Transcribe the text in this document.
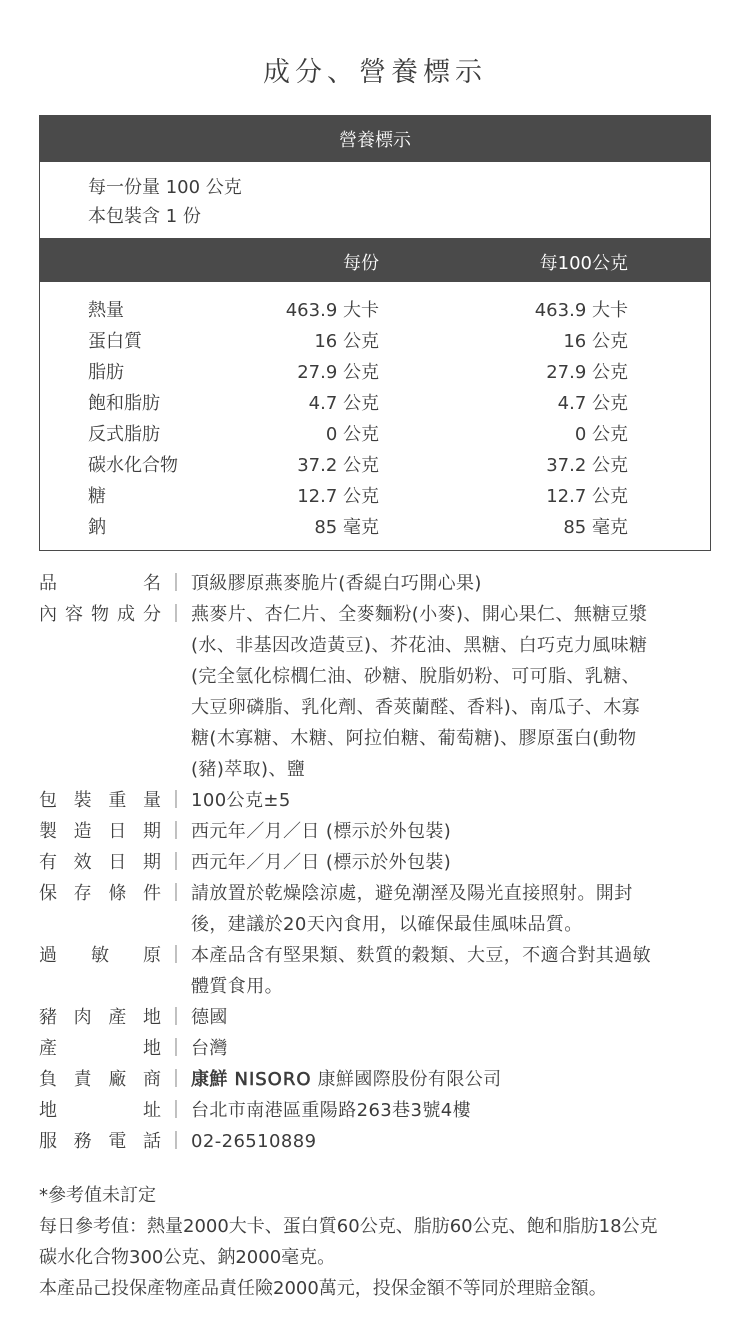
成分、營養標示
營養標示
每一份量 100 公克
本包裝含 1 份
每份	每100公克
熱量	463.9 大卡	463.9 大卡
蛋白質	16 公克	16 公克
脂肪	27.9 公克	27.9 公克
飽和脂肪	4.7 公克	4.7 公克
反式脂肪	0 公克	0 公克
碳水化合物	37.2 公克	37.2 公克
糖	12.7 公克	12.7 公克
鈉	85 毫克	85 毫克
品	名 ｜ 頂級膠原燕麥脆片(香緹白巧開心果)
內 容 物 成 分 ｜ 燕麥片、杏仁片、全麥麵粉(小麥)、開心果仁、無糖豆漿
(水、非基因改造黃豆)、芥花油、黑糖、白巧克力風味糖
(完全氫化棕櫚仁油、砂糖、脫脂奶粉、可可脂、乳糖、
大豆卵磷脂、乳化劑、香莢蘭醛、香料)、南瓜子、木寡
糖(木寡糖、木糖、阿拉伯糖、葡萄糖)、膠原蛋白(動物
(豬)萃取)、鹽
包 裝 重 量 ｜ 100公克±5
製 造 日 期 ｜ 西元年／月／日 (標示於外包裝)
有 效 日 期 ｜ 西元年／月／日 (標示於外包裝)
保 存 條 件 ｜ 請放置於乾燥陰涼處，避免潮溼及陽光直接照射。開封
後，建議於20天內食用，以確保最佳風味品質。
過 敏 原 ｜ 本產品含有堅果類、麩質的穀類、大豆，不適合對其過敏
體質食用。
豬 肉 產 地 ｜ 德國
產	地 ｜ 台灣
負 責 廠 商 ｜ 康鮮 NISORO 康鮮國際股份有限公司
地	址 ｜ 台北市南港區重陽路263巷3號4樓
服 務 電 話 ｜ 02-26510889
*參考值未訂定
每日參考值：熱量2000大卡、蛋白質60公克、脂肪60公克、飽和脂肪18公克
碳水化合物300公克、鈉2000毫克。
本產品己投保產物產品責任險2000萬元，投保金額不等同於理賠金額。
